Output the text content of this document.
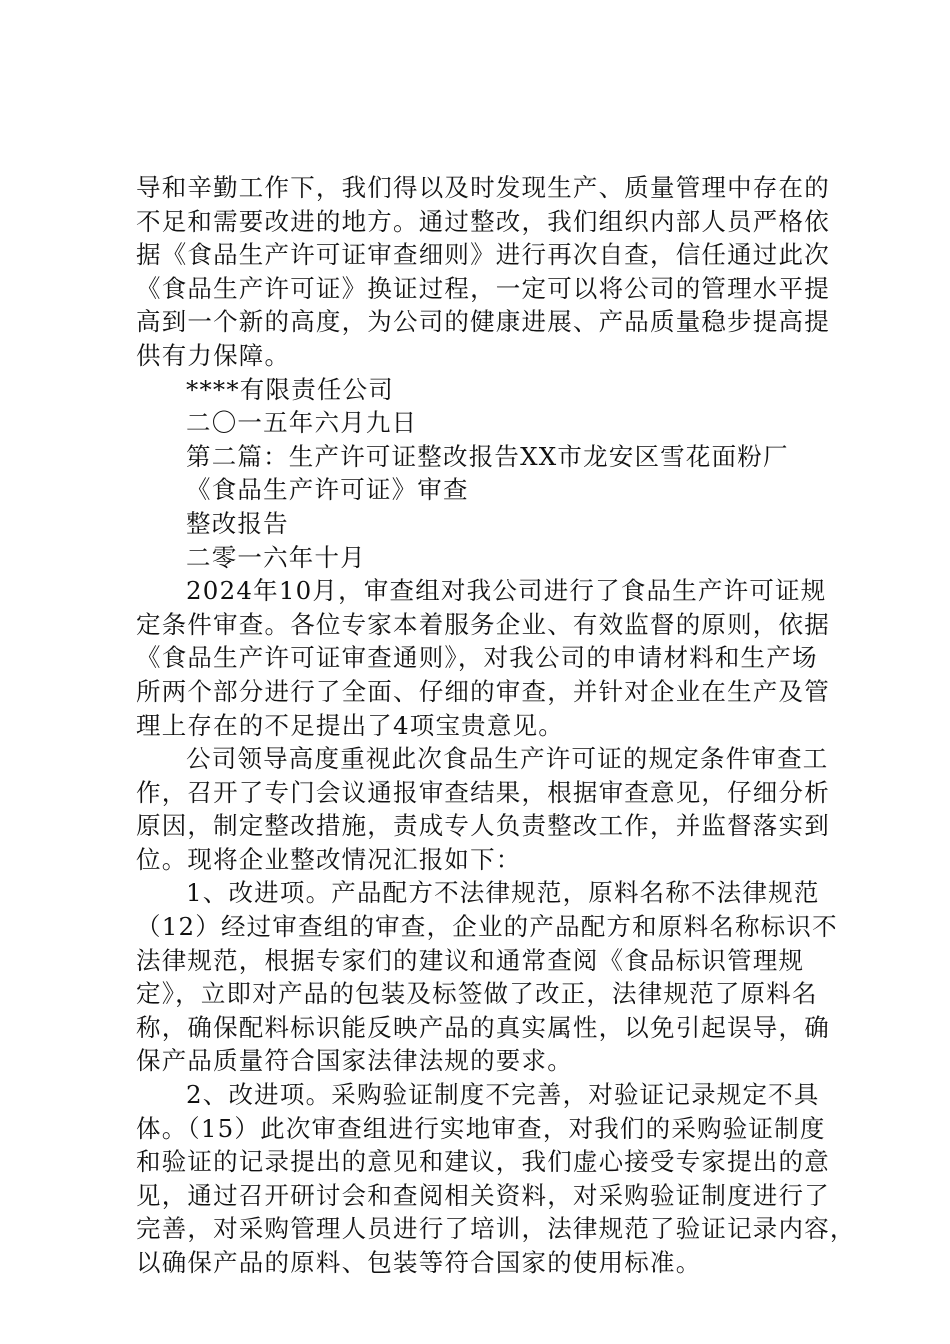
导和辛勤工作下，我们得以及时发现生产、质量管理中存在的
不足和需要改进的地方。通过整改，我们组织内部人员严格依
据《食品生产许可证审查细则》进行再次自查，信任通过此次
《食品生产许可证》换证过程，一定可以将公司的管理水平提
高到一个新的高度，为公司的健康进展、产品质量稳步提高提
供有力保障。
****有限责任公司
二〇一五年六月九日
第二篇：生产许可证整改报告XX市龙安区雪花面粉厂
《食品生产许可证》审查
整改报告
二零一六年十月
2024年10月，审查组对我公司进行了食品生产许可证规
定条件审查。各位专家本着服务企业、有效监督的原则，依据
《食品生产许可证审查通则》，对我公司的申请材料和生产场
所两个部分进行了全面、仔细的审查，并针对企业在生产及管
理上存在的不足提出了4项宝贵意见。
公司领导高度重视此次食品生产许可证的规定条件审查工
作，召开了专门会议通报审查结果，根据审查意见，仔细分析
原因，制定整改措施，责成专人负责整改工作，并监督落实到
位。现将企业整改情况汇报如下：
1、改进项。产品配方不法律规范，原料名称不法律规范
（12）经过审查组的审查，企业的产品配方和原料名称标识不
法律规范，根据专家们的建议和通常查阅《食品标识管理规
定》，立即对产品的包装及标签做了改正，法律规范了原料名
称，确保配料标识能反映产品的真实属性，以免引起误导，确
保产品质量符合国家法律法规的要求。
2、改进项。采购验证制度不完善，对验证记录规定不具
体。（15）此次审查组进行实地审查，对我们的采购验证制度
和验证的记录提出的意见和建议，我们虚心接受专家提出的意
见，通过召开研讨会和查阅相关资料，对采购验证制度进行了
完善，对采购管理人员进行了培训，法律规范了验证记录内容，
以确保产品的原料、包装等符合国家的使用标准。
